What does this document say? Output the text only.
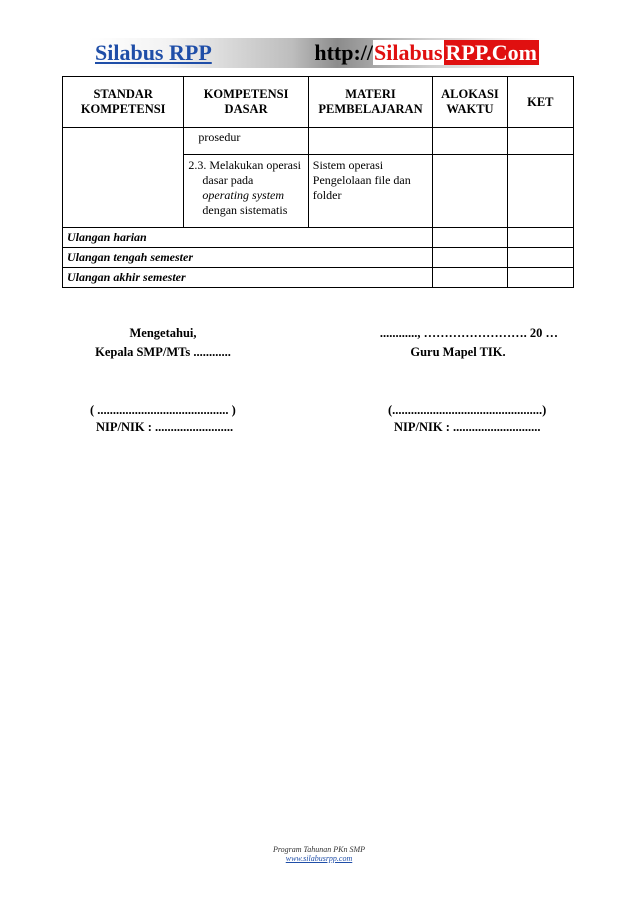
Silabus RPP	http://Silabus RPP.Com
STANDAR KOMPETENSI	KOMPETENSI DASAR	MATERI PEMBELAJARAN	ALOKASI WAKTU	KET
	prosedur			
	2.3. Melakukan operasi
dasar pada
operating system
dengan sistematis	Sistem operasi
Pengelolaan file dan
folder		

Ulangan harian				
Ulangan tengah semester				
Ulangan akhir semester				
Mengetahui,
Kepala SMP/MTs ............
( .......................................... )
NIP/NIK : .........................
............, ……………………. 20 …
Guru Mapel TIK.
(................................................)
NIP/NIK : ............................
Program Tahunan PKn SMP
www.silabusrpp.com
